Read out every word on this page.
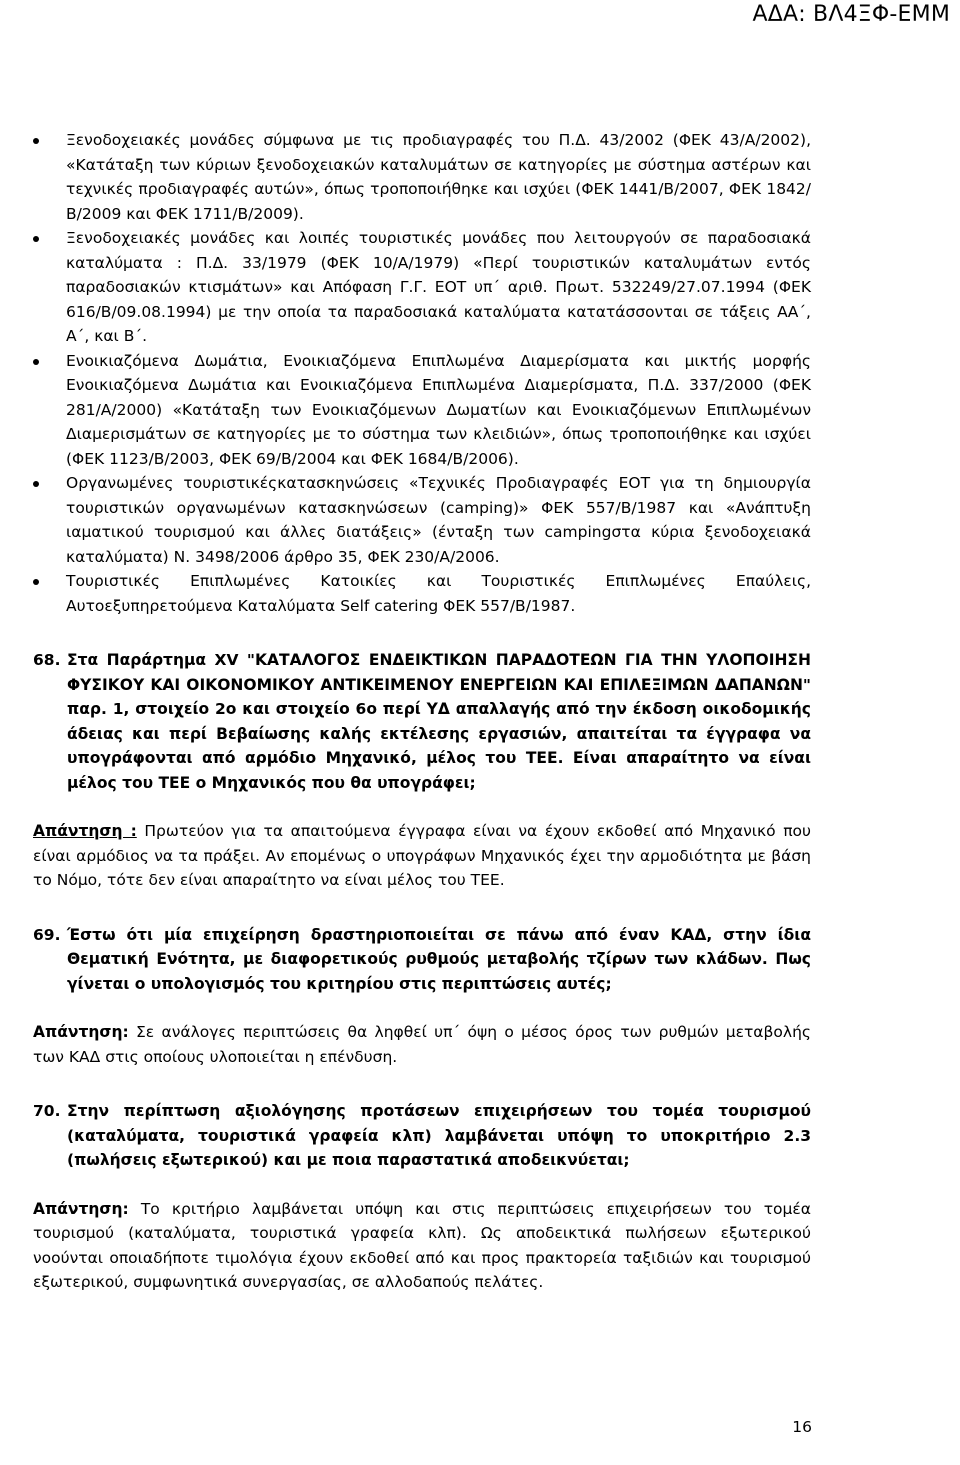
ΑΔΑ: ΒΛ4ΞΦ-ΕΜΜ
Ξενοδοχειακές μονάδες σύμφωνα με τις προδιαγραφές του Π.Δ. 43/2002 (ΦΕΚ 43/Α/2002), «Κατάταξη των κύριων ξενοδοχειακών καταλυμάτων σε κατηγορίες με σύστημα αστέρων και τεχνικές προδιαγραφές αυτών», όπως τροποποιήθηκε και ισχύει (ΦΕΚ 1441/Β/2007, ΦΕΚ 1842/Β/2009 και ΦΕΚ 1711/Β/2009).
Ξενοδοχειακές μονάδες και λοιπές τουριστικές μονάδες που λειτουργούν σε παραδοσιακά καταλύματα : Π.Δ. 33/1979 (ΦΕΚ 10/Α/1979) «Περί τουριστικών καταλυμάτων εντός παραδοσιακών κτισμάτων» και Απόφαση Γ.Γ. ΕΟΤ υπ΄ αριθ. Πρωτ. 532249/27.07.1994 (ΦΕΚ 616/Β/09.08.1994) με την οποία τα παραδοσιακά καταλύματα κατατάσσονται σε τάξεις ΑΑ΄, Α΄, και Β΄.
Ενοικιαζόμενα Δωμάτια, Ενοικιαζόμενα Επιπλωμένα Διαμερίσματα και μικτής μορφής Ενοικιαζόμενα Δωμάτια και Ενοικιαζόμενα Επιπλωμένα Διαμερίσματα, Π.Δ. 337/2000 (ΦΕΚ 281/Α/2000) «Κατάταξη των Ενοικιαζόμενων Δωματίων και Ενοικιαζόμενων Επιπλωμένων Διαμερισμάτων σε κατηγορίες με το σύστημα των κλειδιών», όπως τροποποιήθηκε και ισχύει (ΦΕΚ 1123/Β/2003, ΦΕΚ 69/Β/2004 και ΦΕΚ 1684/Β/2006).
Οργανωμένες τουριστικέςκατασκηνώσεις «Τεχνικές Προδιαγραφές ΕΟΤ για τη δημιουργία τουριστικών οργανωμένων κατασκηνώσεων (camping)» ΦΕΚ 557/Β/1987 και «Ανάπτυξη ιαματικού τουρισμού και άλλες διατάξεις» (ένταξη των campingστα κύρια ξενοδοχειακά καταλύματα) Ν. 3498/2006 άρθρο 35, ΦΕΚ 230/Α/2006.
Τουριστικές Επιπλωμένες Κατοικίες και Τουριστικές Επιπλωμένες Επαύλεις, Αυτοεξυπηρετούμενα Καταλύματα Self catering ΦΕΚ 557/Β/1987.
68. Στα Παράρτημα XV "ΚΑΤΑΛΟΓΟΣ ΕΝΔΕΙΚΤΙΚΩΝ ΠΑΡΑΔΟΤΕΩΝ ΓΙΑ ΤΗΝ ΥΛΟΠΟΙΗΣΗ ΦΥΣΙΚΟΥ ΚΑΙ ΟΙΚΟΝΟΜΙΚΟΥ ΑΝΤΙΚΕΙΜΕΝΟΥ ΕΝΕΡΓΕΙΩΝ ΚΑΙ ΕΠΙΛΕΞΙΜΩΝ ΔΑΠΑΝΩΝ" παρ. 1, στοιχείο 2ο και στοιχείο 6ο περί ΥΔ απαλλαγής από την έκδοση οικοδομικής άδειας και περί Βεβαίωσης καλής εκτέλεσης εργασιών, απαιτείται τα έγγραφα να υπογράφονται από αρμόδιο Μηχανικό, μέλος του ΤΕΕ. Είναι απαραίτητο να είναι μέλος του ΤΕΕ ο Μηχανικός που θα υπογράφει;
Απάντηση : Πρωτεύον για τα απαιτούμενα έγγραφα είναι να έχουν εκδοθεί από Μηχανικό που είναι αρμόδιος να τα πράξει. Αν επομένως ο υπογράφων Μηχανικός έχει την αρμοδιότητα με βάση το Νόμο, τότε δεν είναι απαραίτητο να είναι μέλος του ΤΕΕ.
69. Έστω ότι μία επιχείρηση δραστηριοποιείται σε πάνω από έναν ΚΑΔ, στην ίδια Θεματική Ενότητα, με διαφορετικούς ρυθμούς μεταβολής τζίρων των κλάδων. Πως γίνεται ο υπολογισμός του κριτηρίου στις περιπτώσεις αυτές;
Απάντηση: Σε ανάλογες περιπτώσεις θα ληφθεί υπ΄ όψη ο μέσος όρος των ρυθμών μεταβολής των ΚΑΔ στις οποίους υλοποιείται η επένδυση.
70. Στην περίπτωση αξιολόγησης προτάσεων επιχειρήσεων του τομέα τουρισμού (καταλύματα, τουριστικά γραφεία κλπ) λαμβάνεται υπόψη το υποκριτήριο 2.3 (πωλήσεις εξωτερικού) και με ποια παραστατικά αποδεικνύεται;
Απάντηση: Το κριτήριο λαμβάνεται υπόψη και στις περιπτώσεις επιχειρήσεων του τομέα τουρισμού (καταλύματα, τουριστικά γραφεία κλπ). Ως αποδεικτικά πωλήσεων εξωτερικού νοούνται οποιαδήποτε τιμολόγια έχουν εκδοθεί από και προς πρακτορεία ταξιδιών και τουρισμού εξωτερικού, συμφωνητικά συνεργασίας, σε αλλοδαπούς πελάτες.
16
